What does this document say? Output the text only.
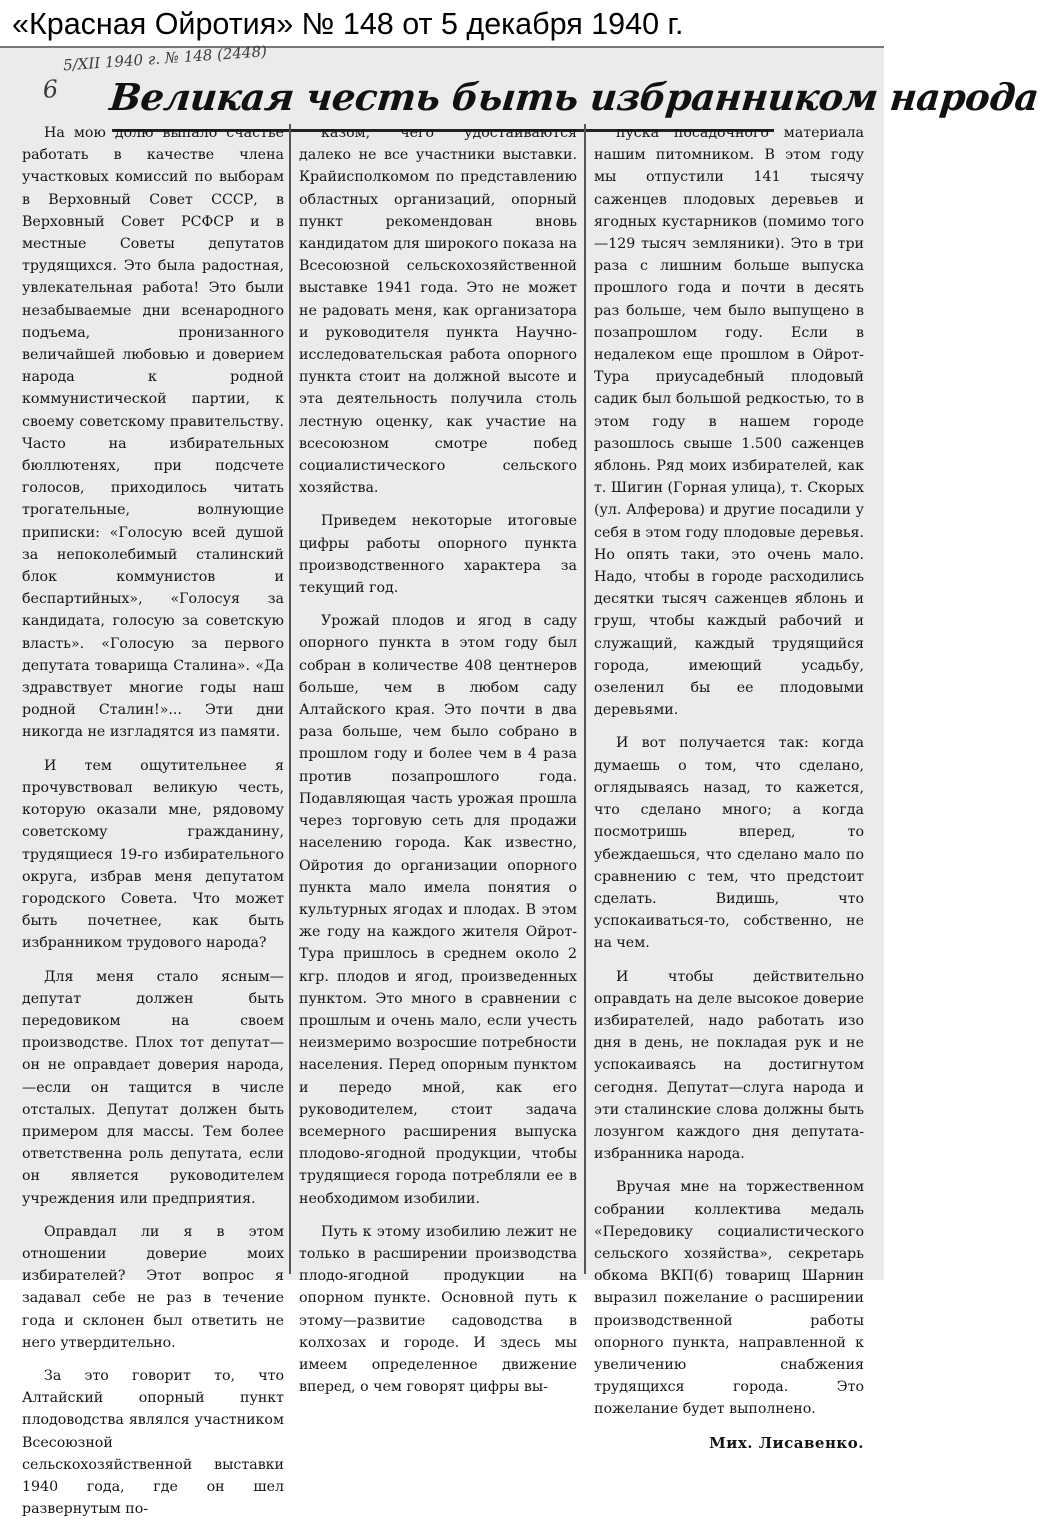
«Красная Ойротия» № 148 от 5 декабря 1940 г.
6
5/XII 1940 г. № 148 (2448)
Великая честь быть избранником народа

На мою долю выпало счастье работать в качестве члена участковых комиссий по выборам в Верховный Совет СССР, в Верховный Совет РСФСР и в местные Советы депутатов трудящихся. Это была радостная, увлекательная работа! Это были незабываемые дни всенародного подъема, пронизанного величайшей любовью и доверием народа к родной коммунистической партии, к своему советскому правительству. Часто на избирательных бюллютенях, при подсчете голосов, приходилось читать трогательные, волнующие приписки: «Голосую всей душой за непоколебимый сталинский блок коммунистов и беспартийных», «Голосуя за кандидата, голосую за советскую власть». «Голосую за первого депутата товарища Сталина». «Да здравствует многие годы наш родной Сталин!»... Эти дни никогда не изгладятся из памяти.

И тем ощутительнее я прочувствовал великую честь, которую оказали мне, рядовому советскому гражданину, трудящиеся 19-го избирательного округа, избрав меня депутатом городского Совета. Что может быть почетнее, как быть избранником трудового народа?

Для меня стало ясным—депутат должен быть передовиком на своем производстве. Плох тот депутат—он не оправдает доверия народа,—если он тащится в числе отсталых. Депутат должен быть примером для массы. Тем более ответственна роль депутата, если он является руководителем учреждения или предприятия.

Оправдал ли я в этом отношении доверие моих избирателей? Этот вопрос я задавал себе не раз в течение года и склонен был ответить не него утвердительно.

За это говорит то, что Алтайский опорный пункт плодоводства являлся участником Всесоюзной сельскохозяйственной выставки 1940 года, где он шел развернутым по-

казом, чего удостаиваются далеко не все участники выставки. Крайисполкомом по представлению областных организаций, опорный пункт рекомендован вновь кандидатом для широкого показа на Всесоюзной сельскохозяйственной выставке 1941 года. Это не может не радовать меня, как организатора и руководителя пункта Научно-исследовательская работа опорного пункта стоит на должной высоте и эта деятельность получила столь лестную оценку, как участие на всесоюзном смотре побед социалистического сельского хозяйства.

Приведем некоторые итоговые цифры работы опорного пункта производственного характера за текущий год.

Урожай плодов и ягод в саду опорного пункта в этом году был собран в количестве 408 центнеров больше, чем в любом саду Алтайского края. Это почти в два раза больше, чем было собрано в прошлом году и более чем в 4 раза против позапрошлого года. Подавляющая часть урожая прошла через торговую сеть для продажи населению города. Как известно, Ойротия до организации опорного пункта мало имела понятия о культурных ягодах и плодах. В этом же году на каждого жителя Ойрот-Тура пришлось в среднем около 2 кгр. плодов и ягод, произведенных пунктом. Это много в сравнении с прошлым и очень мало, если учесть неизмеримо возросшие потребности населения. Перед опорным пунктом и передо мной, как его руководителем, стоит задача всемерного расширения выпуска плодово-ягодной продукции, чтобы трудящиеся города потребляли ее в необходимом изобилии.

Путь к этому изобилию лежит не только в расширении производства плодо-ягодной продукции на опорном пункте. Основной путь к этому—развитие садоводства в колхозах и городе. И здесь мы имеем определенное движение вперед, о чем говорят цифры вы-

пуска посадочного материала нашим питомником. В этом году мы отпустили 141 тысячу саженцев плодовых деревьев и ягодных кустарников (помимо того—129 тысяч земляники). Это в три раза с лишним больше выпуска прошлого года и почти в десять раз больше, чем было выпущено в позапрошлом году. Если в недалеком еще прошлом в Ойрот-Тура приусадебный плодовый садик был большой редкостью, то в этом году в нашем городе разошлось свыше 1.500 саженцев яблонь. Ряд моих избирателей, как т. Шигин (Горная улица), т. Скорых (ул. Алферова) и другие посадили у себя в этом году плодовые деревья. Но опять таки, это очень мало. Надо, чтобы в городе расходились десятки тысяч саженцев яблонь и груш, чтобы каждый рабочий и служащий, каждый трудящийся города, имеющий усадьбу, озеленил бы ее плодовыми деревьями.

И вот получается так: когда думаешь о том, что сделано, оглядываясь назад, то кажется, что сделано много; а когда посмотришь вперед, то убеждаешься, что сделано мало по сравнению с тем, что предстоит сделать. Видишь, что успокаиваться-то, собственно, не на чем.

И чтобы действительно оправдать на деле высокое доверие избирателей, надо работать изо дня в день, не покладая рук и не успокаиваясь на достигнутом сегодня. Депутат—слуга народа и эти сталинские слова должны быть лозунгом каждого дня депутата-избранника народа.

Вручая мне на торжественном собрании коллектива медаль «Передовику социалистического сельского хозяйства», секретарь обкома ВКП(б) товарищ Шарнин выразил пожелание о расширении производственной работы опорного пункта, направленной к увеличению снабжения трудящихся города. Это пожелание будет выполнено.

Мих. Лисавенко.
